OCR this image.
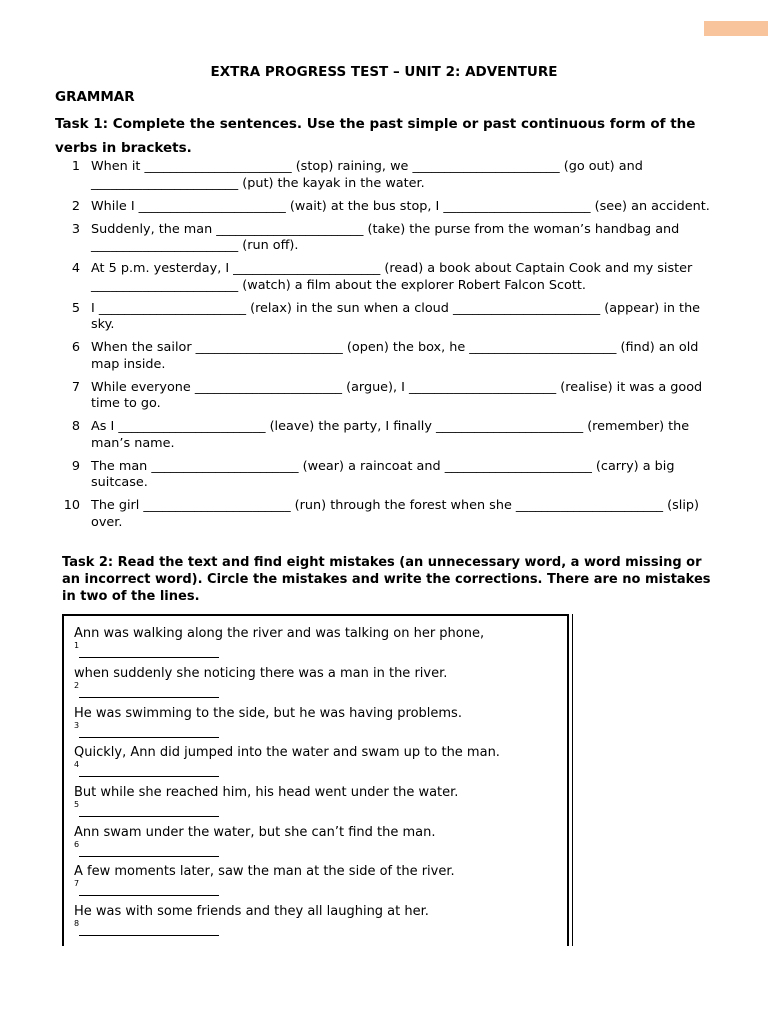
EXTRA PROGRESS TEST – UNIT 2: ADVENTURE
GRAMMAR
Task 1: Complete the sentences. Use the past simple or past continuous form of the verbs in brackets.
1 When it _______________________ (stop) raining, we _______________________ (go out) and _______________________ (put) the kayak in the water.
2 While I _______________________ (wait) at the bus stop, I _______________________ (see) an accident.
3 Suddenly, the man _______________________ (take) the purse from the woman’s handbag and _______________________ (run off).
4 At 5 p.m. yesterday, I _______________________ (read) a book about Captain Cook and my sister _______________________ (watch) a film about the explorer Robert Falcon Scott.
5 I _______________________ (relax) in the sun when a cloud _______________________ (appear) in the sky.
6 When the sailor _______________________ (open) the box, he _______________________ (find) an old map inside.
7 While everyone _______________________ (argue), I _______________________ (realise) it was a good time to go.
8 As I _______________________ (leave) the party, I finally _______________________ (remember) the man’s name.
9 The man _______________________ (wear) a raincoat and _______________________ (carry) a big suitcase.
10 The girl _______________________ (run) through the forest when she _______________________ (slip) over.
Task 2: Read the text and find eight mistakes (an unnecessary word, a word missing or an incorrect word). Circle the mistakes and write the corrections. There are no mistakes in two of the lines.
Ann was walking along the river and was talking on her phone,
$^1$
when suddenly she noticing there was a man in the river.
$^2$
He was swimming to the side, but he was having problems.
$^3$
Quickly, Ann did jumped into the water and swam up to the man.
$^4$
But while she reached him, his head went under the water.
$^5$
Ann swam under the water, but she can’t find the man.
$^6$
A few moments later, saw the man at the side of the river.
$^7$
He was with some friends and they all laughing at her.
$^8$
